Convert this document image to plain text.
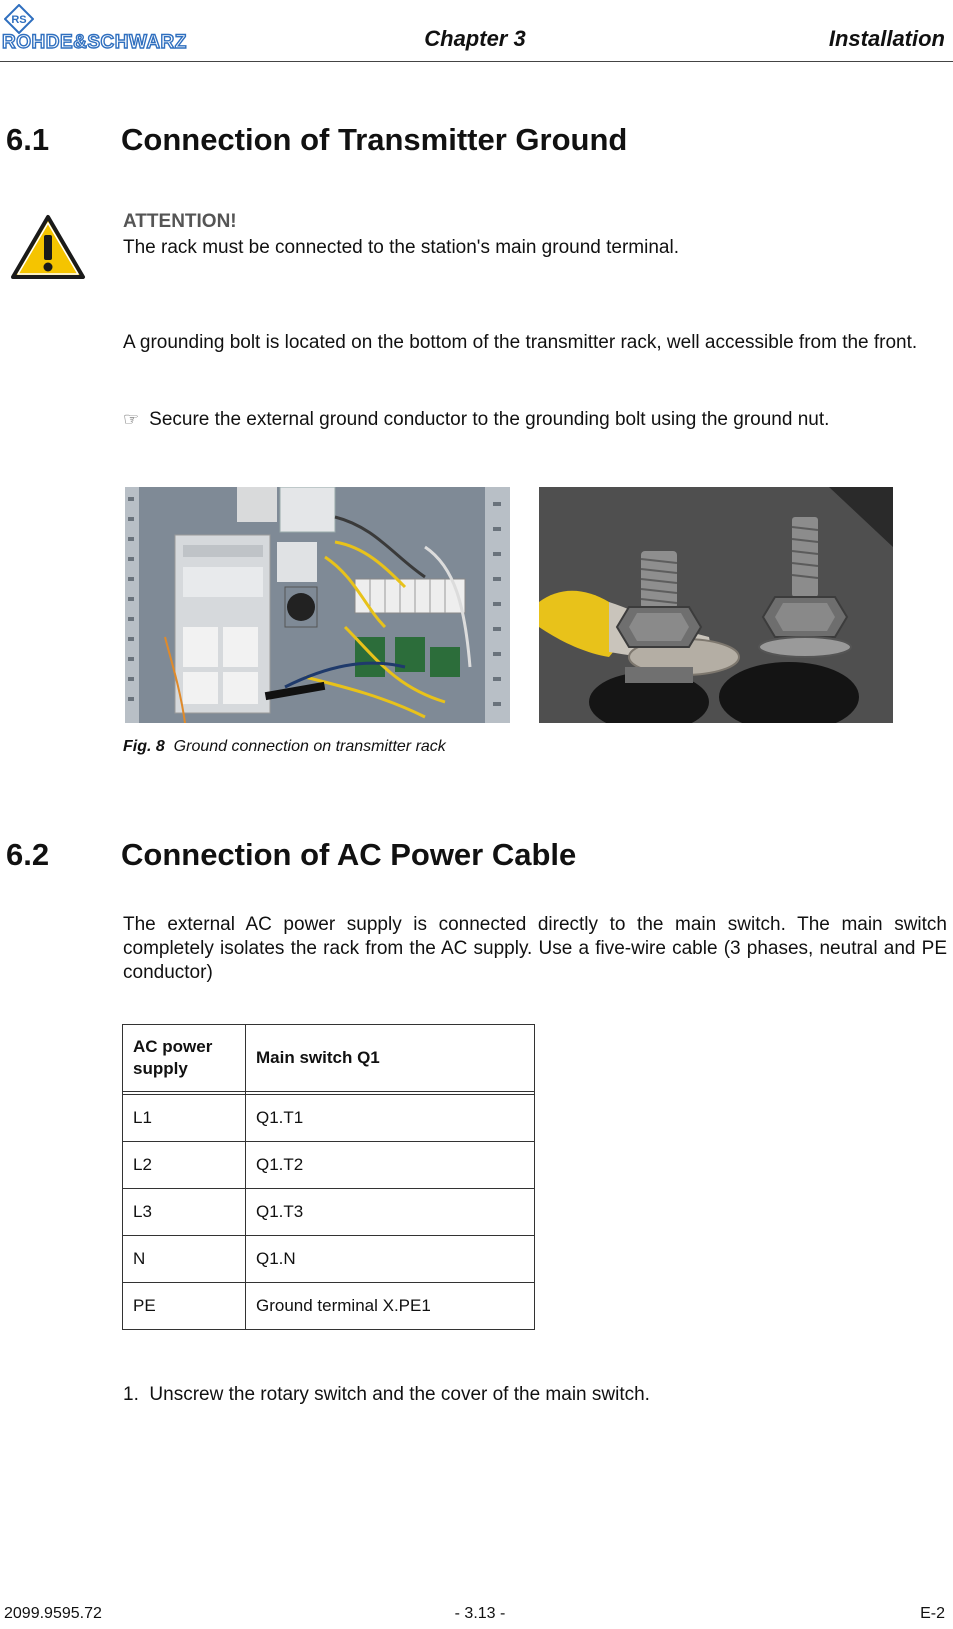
RS
ROHDE&SCHWARZ	Chapter 3	Installation
6.1 Connection of Transmitter Ground
ATTENTION!
The rack must be connected to the station's main ground terminal.

A grounding bolt is located on the bottom of the transmitter rack, well accessible from the front.

☞ Secure the external ground conductor to the grounding bolt using the ground nut.
Fig. 8 Ground connection on transmitter rack
6.2 Connection of AC Power Cable

The external AC power supply is connected directly to the main switch. The main switch completely isolates the rack from the AC supply. Use a five-wire cable (3 phases, neutral and PE conductor)

AC power supply	Main switch Q1

L1	Q1.T1
L2	Q1.T2
L3	Q1.T3
N	Q1.N
PE	Ground terminal X.PE1
1. Unscrew the rotary switch and the cover of the main switch.
2099.9595.72	- 3.13 -	E-2
